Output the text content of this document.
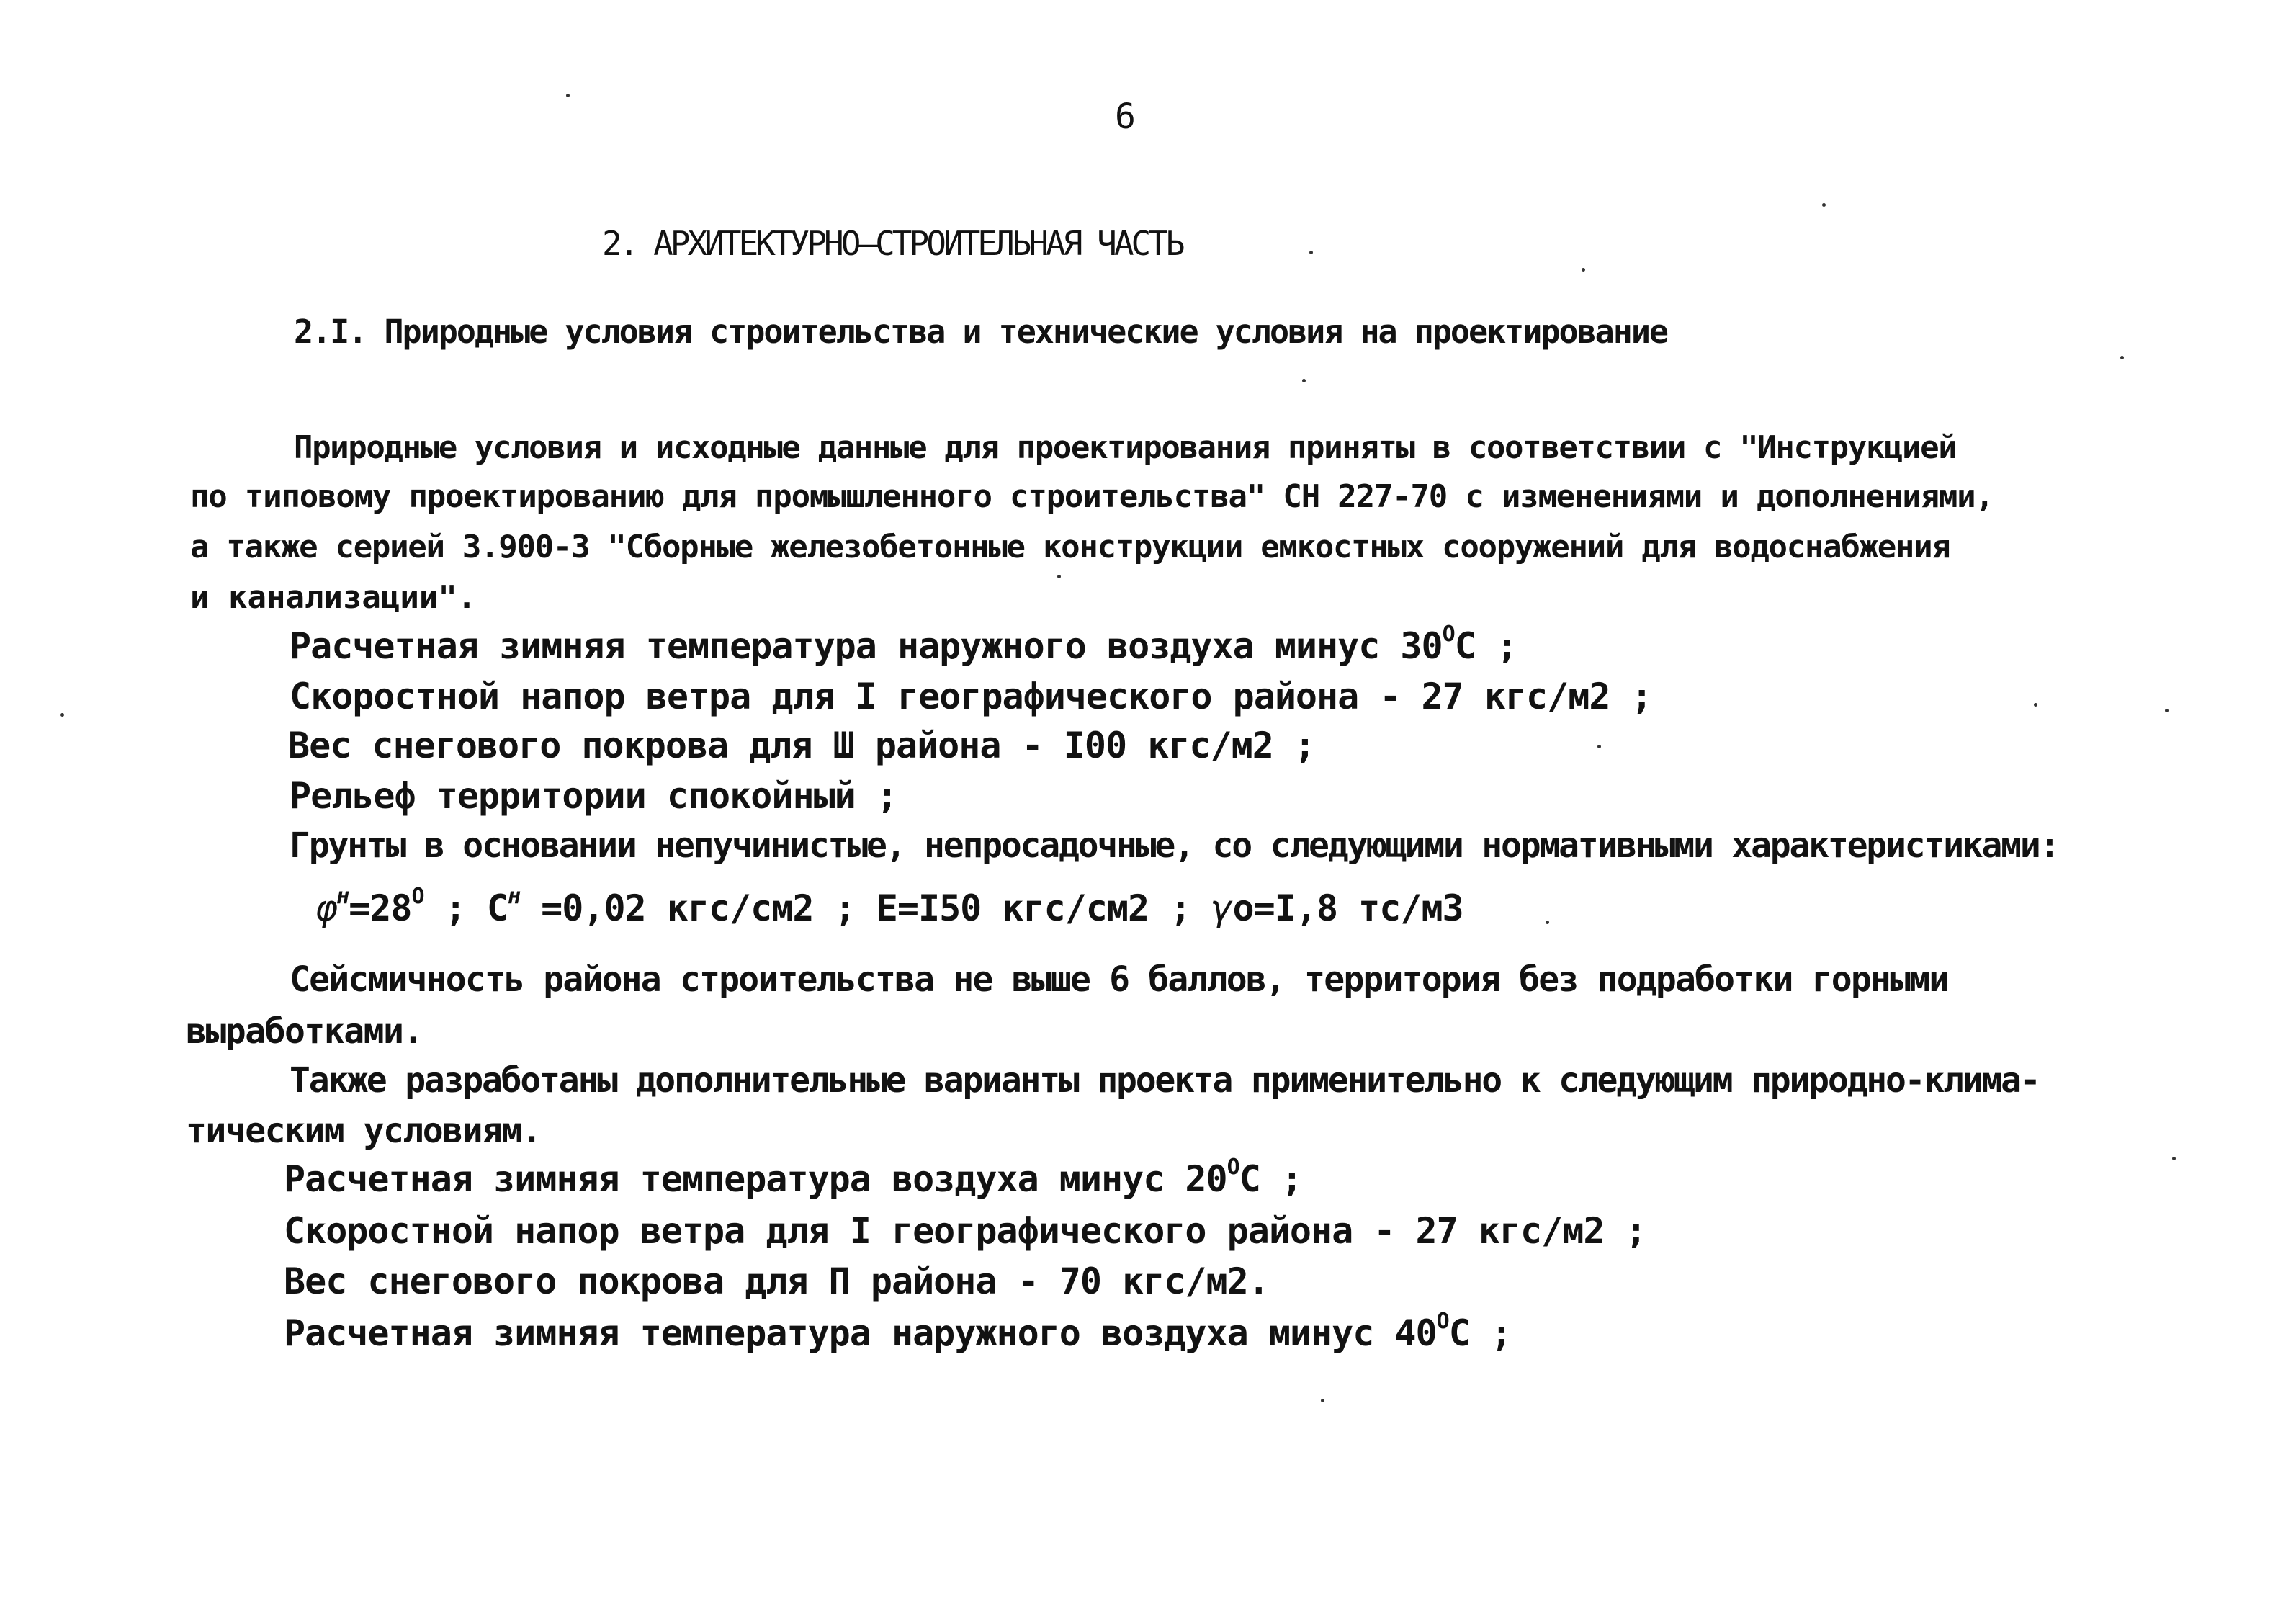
6
2. АРХИТЕКТУРНО–СТРОИТЕЛЬНАЯ ЧАСТЬ
2.I. Природные условия строительства и технические условия на проектирование
Природные условия и исходные данные для проектирования приняты в соответствии с "Инструкцией
по типовому проектированию для промышленного строительства" СН 227-70 с изменениями и дополнениями,
а также серией 3.900-3 "Сборные железобетонные конструкции емкостных сооружений для водоснабжения
и канализации".
Расчетная зимняя температура наружного воздуха минус $30^ОС$ ;
Скоростной напор ветра для I географического района - 27 кгс/м2 ;
Вес снегового покрова для Ш района - I00 кгс/м2 ;
Рельеф территории спокойный ;
Грунты в основании непучинистые, непросадочные, со следующими нормативными характеристиками:
$\varphi^н=28^О$ ; $C^н =0,02$ кгс/см2 ; E=I50 кгс/см2 ; γo=I,8 тс/м3
Сейсмичность района строительства не выше 6 баллов, территория без подработки горными
выработками.
Также разработаны дополнительные варианты проекта применительно к следующим природно-клима-
тическим условиям.
Расчетная зимняя температура воздуха минус $20^ОС$ ;
Скоростной напор ветра для I географического района - 27 кгс/м2 ;
Вес снегового покрова для П района - 70 кгс/м2.
Расчетная зимняя температура наружного воздуха минус $40^ОС$ ;
